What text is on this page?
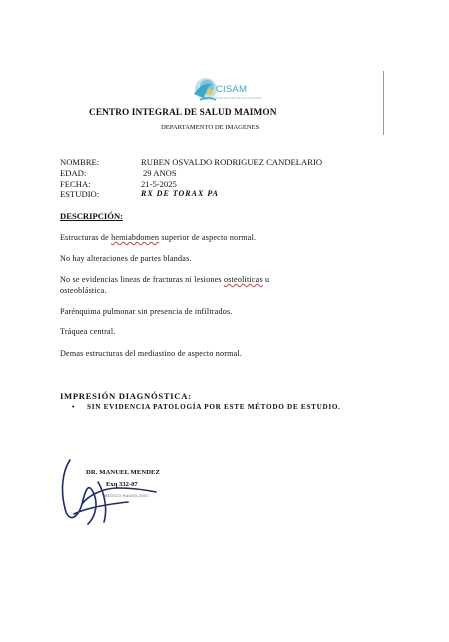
CISAM
CENTRO INTEGRAL DE SALUD MAIMON
CENTRO INTEGRAL DE SALUD MAIMON
DEPARTAMENTO DE IMAGENES
NOMBRE:	RUBEN OSVALDO RODRIGUEZ CANDELARIO
EDAD:	29 ANOS
FECHA:	21-5-2025
ESTUDIO:	RX DE TORAX PA
DESCRIPCIÓN:
Estructuras de hemiabdomen superior de aspecto normal.
No hay alteraciones de partes blandas.
No se evidencias lineas de fracturas ni lesiones osteoliticas u
osteoblástica.
Parénquima pulmonar sin presencia de infiltrados.
Tráquea central.
Demas estructuras del mediastino de aspecto normal.
IMPRESIÓN DIAGNÓSTICA:
• SIN EVIDENCIA PATOLOGÍA POR ESTE MÉTODO DE ESTUDIO.
DR. MANUEL MENDEZ
Exq 332-07
MEDICO RADIOLOGO
